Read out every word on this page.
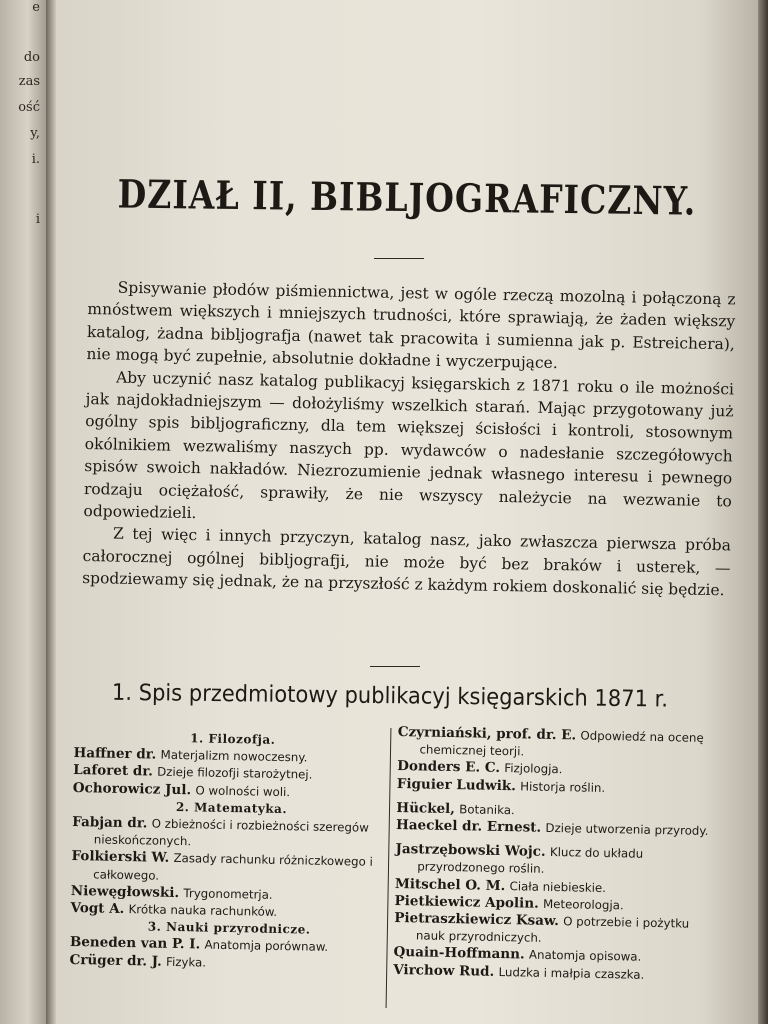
e
do
zas
ość
y,
i.
i	DZIAŁ II, BIBLJOGRAFICZNY.

Spisywanie płodów piśmiennictwa, jest w ogóle rzeczą mozolną i połączoną z mnóstwem większych i mniejszych trudności, które sprawiają, że żaden większy katalog, żadna bibljografja (nawet tak pracowita i sumienna jak p. Estreichera), nie mogą być zupełnie, absolutnie dokładne i wyczerpujące.

Aby uczynić nasz katalog publikacyj księgarskich z 1871 roku o ile możności jak najdokładniejszym — dołożyliśmy wszelkich starań. Mając przygotowany już ogólny spis bibljograficzny, dla tem większej ścisłości i kontroli, stosownym okólnikiem wezwaliśmy naszych pp. wydawców o nadesłanie szczegółowych spisów swoich nakładów. Niezrozumienie jednak własnego interesu i pewnego rodzaju ociężałość, sprawiły, że nie wszyscy należycie na wezwanie to odpowiedzieli.

Z tej więc i innych przyczyn, katalog nasz, jako zwłaszcza pierwsza próba całorocznej ogólnej bibljografji, nie może być bez braków i usterek, — spodziewamy się jednak, że na przyszłość z każdym rokiem doskonalić się będzie.

1. Spis przedmiotowy publikacyj księgarskich 1871 r.

1. Filozofja.

Haffner dr. Materjalizm nowoczesny.

Laforet dr. Dzieje filozofji starożytnej.

Ochorowicz Jul. O wolności woli.

2. Matematyka.

Fabjan dr. O zbieżności i rozbieżności szeregów nieskończonych.

Folkierski W. Zasady rachunku różniczkowego i całkowego.

Niewęgłowski. Trygonometrja.

Vogt A. Krótka nauka rachunków.

3. Nauki przyrodnicze.

Beneden van P. I. Anatomja porównaw.

Crüger dr. J. Fizyka.

Czyrniański, prof. dr. E. Odpowiedź na ocenę chemicznej teorji.

Donders E. C. Fizjologja.

Figuier Ludwik. Historja roślin.

Hückel, Botanika.

Haeckel dr. Ernest. Dzieje utworzenia przyrody.

Jastrzębowski Wojc. Klucz do układu przyrodzonego roślin.

Mitschel O. M. Ciała niebieskie.

Pietkiewicz Apolin. Meteorologja.

Pietraszkiewicz Ksaw. O potrzebie i pożytku nauk przyrodniczych.

Quain-Hoffmann. Anatomja opisowa.

Virchow Rud. Ludzka i małpia czaszka.
